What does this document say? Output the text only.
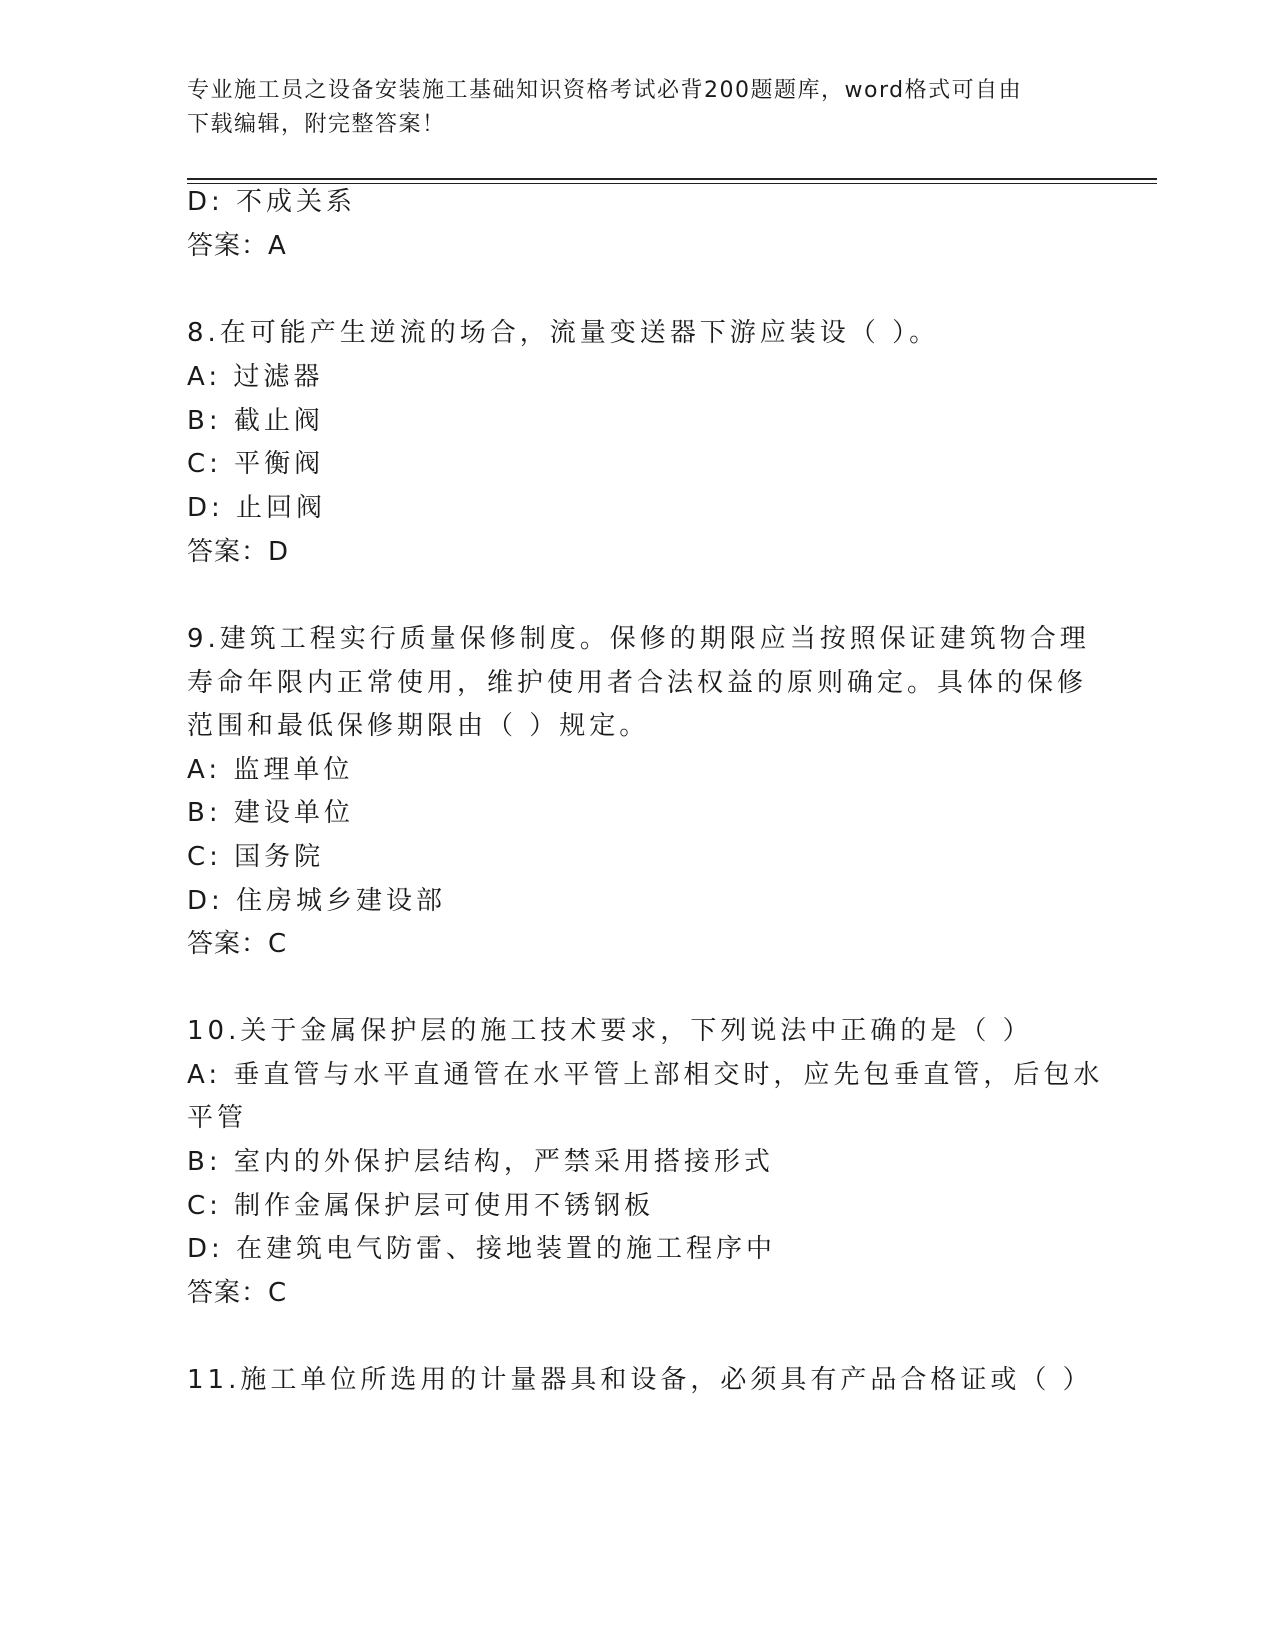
专业施工员之设备安装施工基础知识资格考试必背200题题库，word格式可自由
下载编辑，附完整答案！
D: 不成关系
答案：A
8.在可能产生逆流的场合，流量变送器下游应装设（ ）。
A: 过滤器
B: 截止阀
C: 平衡阀
D: 止回阀
答案：D
9.建筑工程实行质量保修制度。保修的期限应当按照保证建筑物合理
寿命年限内正常使用，维护使用者合法权益的原则确定。具体的保修
范围和最低保修期限由（ ）规定。
A: 监理单位
B: 建设单位
C: 国务院
D: 住房城乡建设部
答案：C
10.关于金属保护层的施工技术要求，下列说法中正确的是（ ）
A: 垂直管与水平直通管在水平管上部相交时，应先包垂直管，后包水
平管
B: 室内的外保护层结构，严禁采用搭接形式
C: 制作金属保护层可使用不锈钢板
D: 在建筑电气防雷、接地装置的施工程序中
答案：C
11.施工单位所选用的计量器具和设备，必须具有产品合格证或（ ）
